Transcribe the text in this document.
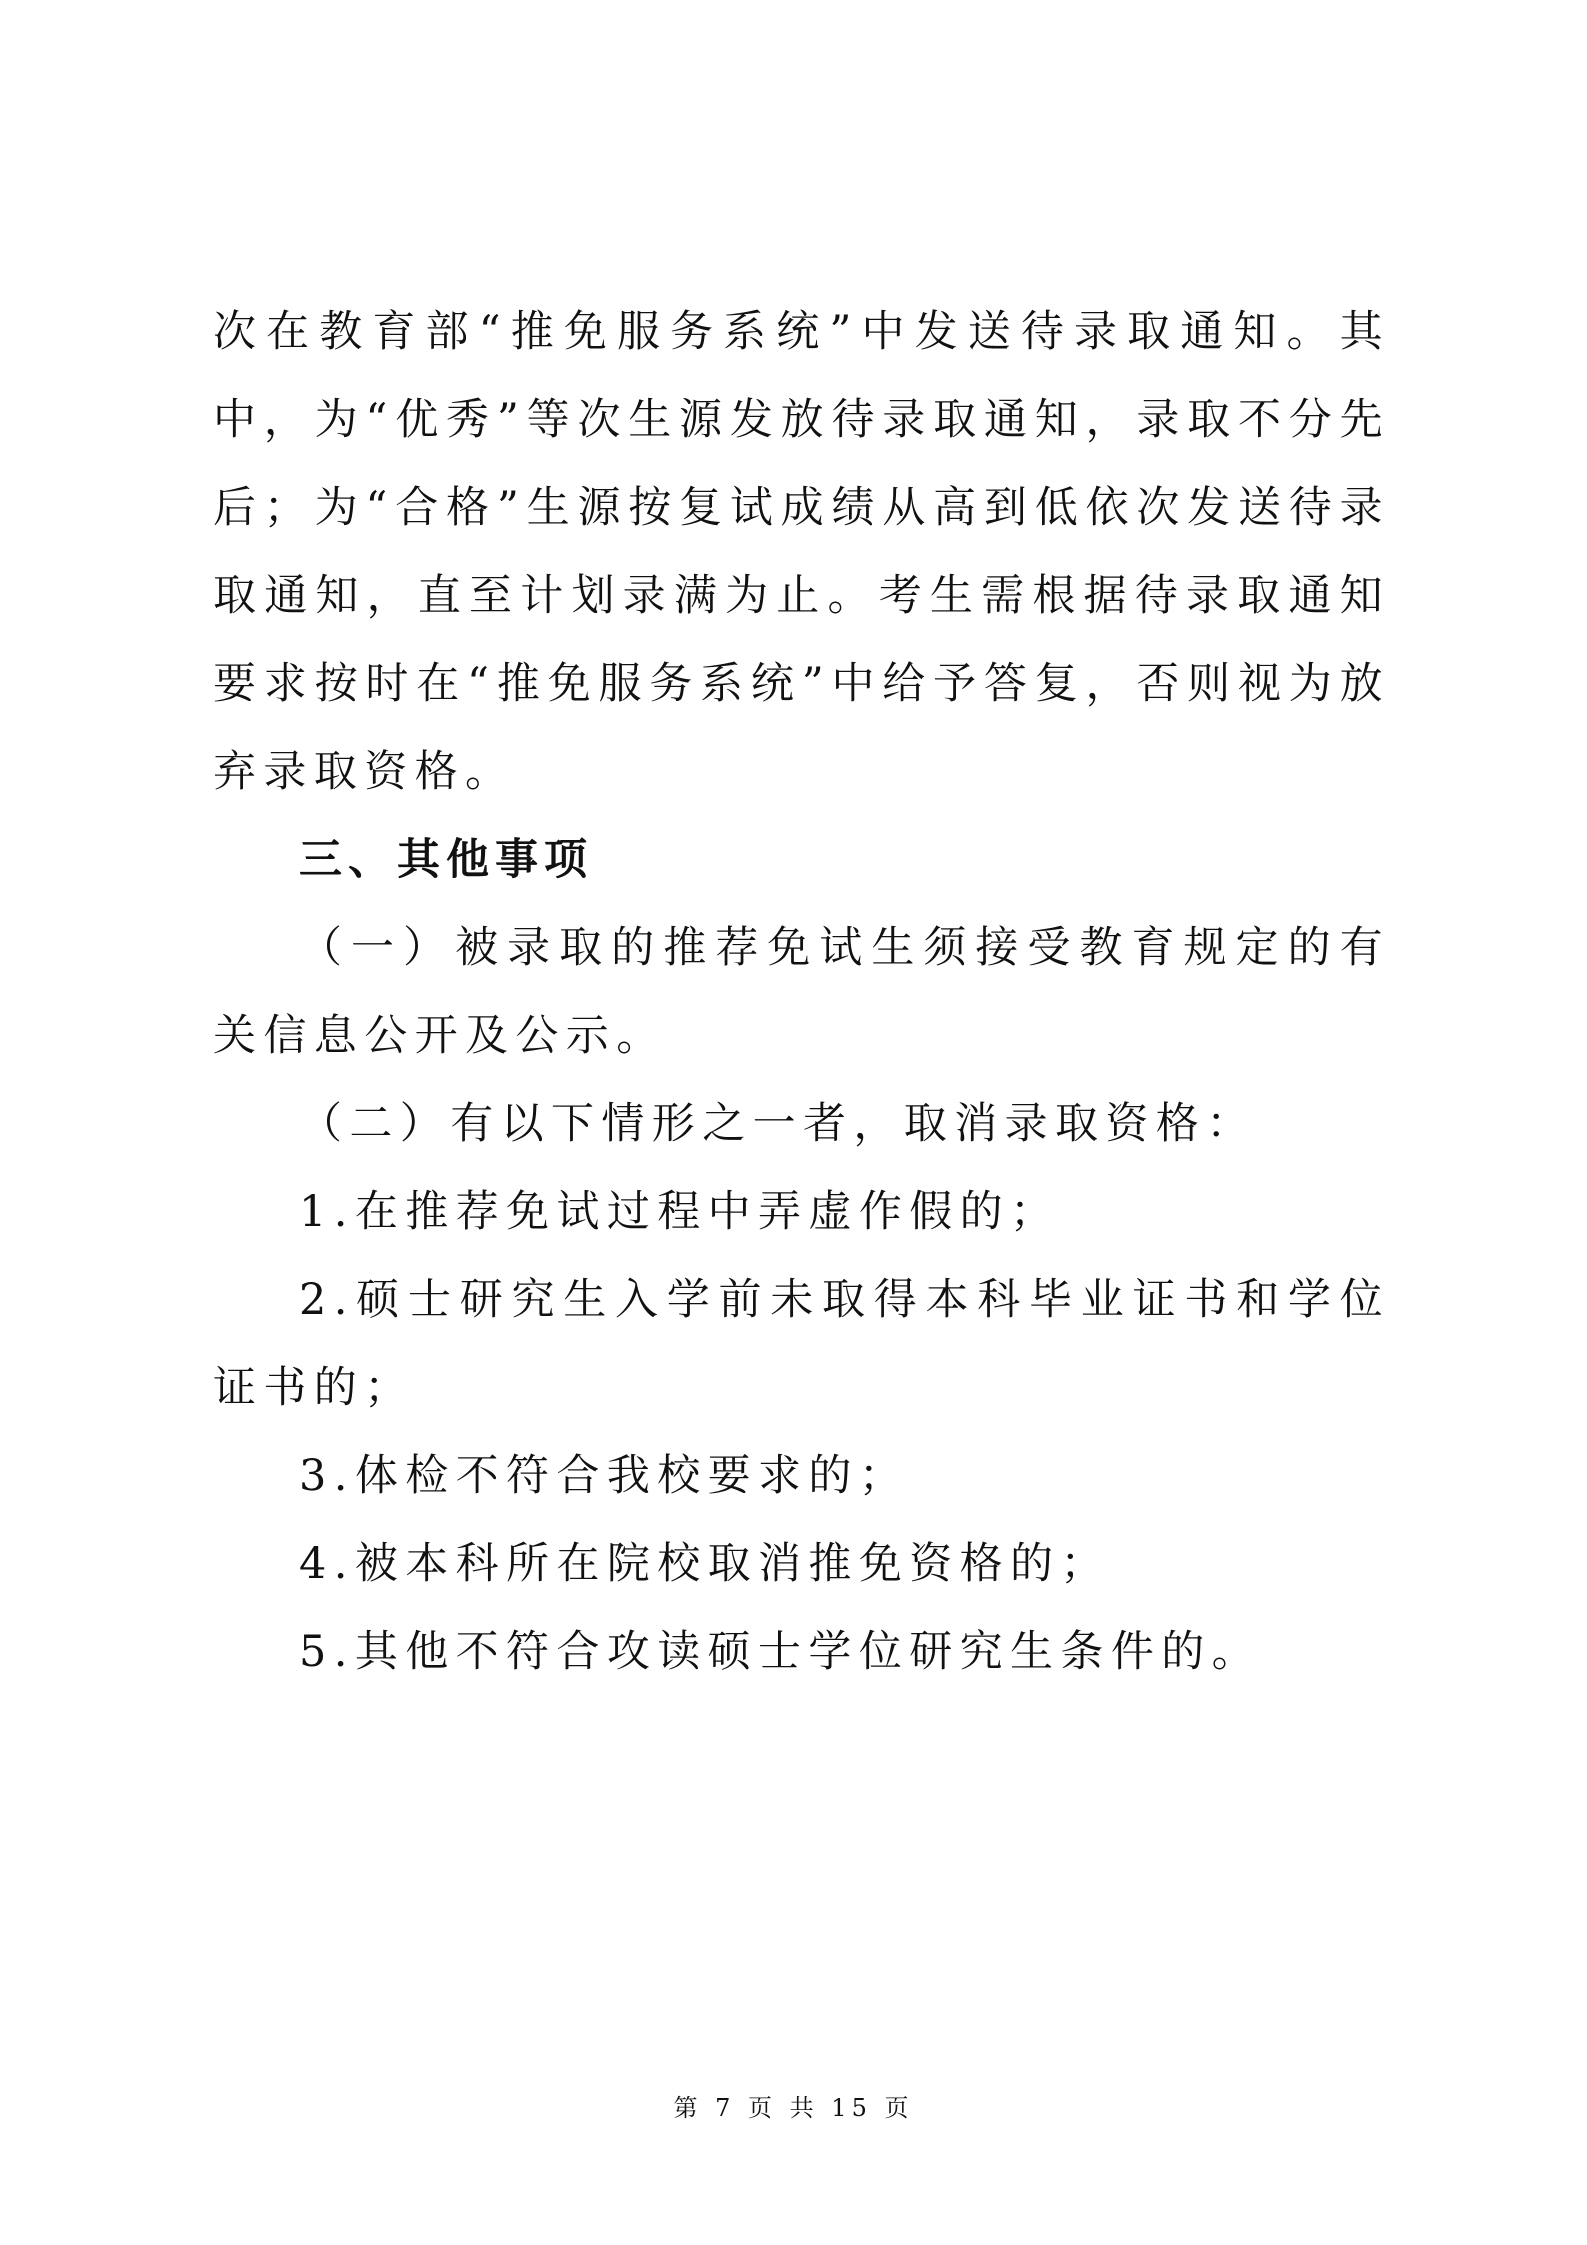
次在教育部“推免服务系统”中发送待录取通知。其中，为“优秀”等次生源发放待录取通知，录取不分先后；为“合格”生源按复试成绩从高到低依次发送待录取通知，直至计划录满为止。考生需根据待录取通知要求按时在“推免服务系统”中给予答复，否则视为放弃录取资格。

三、其他事项

（一）被录取的推荐免试生须接受教育规定的有关信息公开及公示。

（二）有以下情形之一者，取消录取资格：

1.在推荐免试过程中弄虚作假的；

2.硕士研究生入学前未取得本科毕业证书和学位证书的；

3.体检不符合我校要求的；

4.被本科所在院校取消推免资格的；

5.其他不符合攻读硕士学位研究生条件的。

第 7 页 共 15 页
